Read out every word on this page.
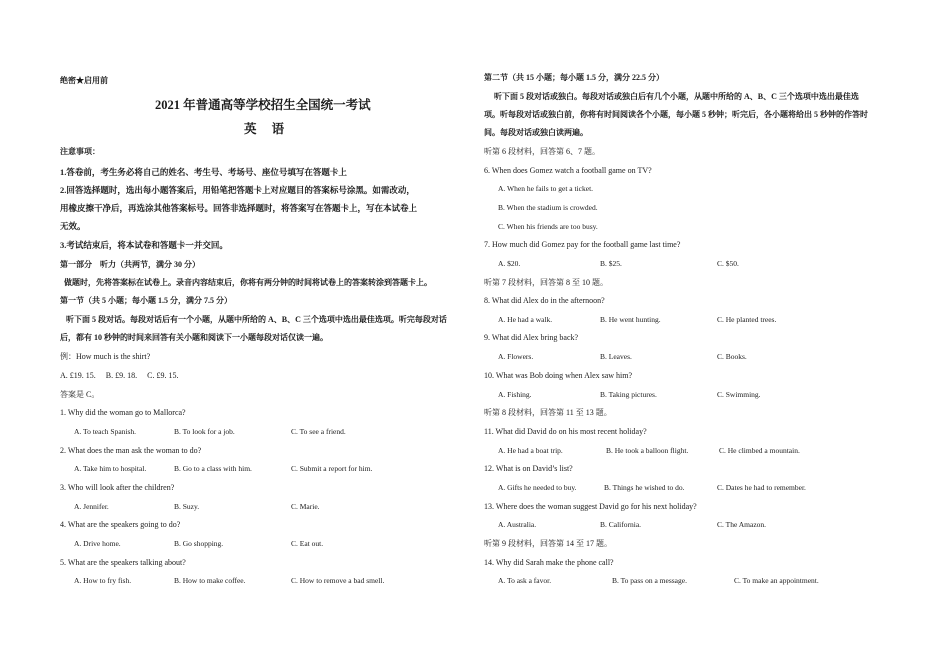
绝密★启用前
2021 年普通高等学校招生全国统一考试
英 语
注意事项：
1.答卷前，考生务必将自己的姓名、考生号、考场号、座位号填写在答题卡上
2.回答选择题时，选出每小题答案后，用铅笔把答题卡上对应题目的答案标号涂黑。如需改动，
用橡皮擦干净后，再选涂其他答案标号。回答非选择题时，将答案写在答题卡上，写在本试卷上
无效。
3.考试结束后，将本试卷和答题卡一并交回。
第一部分　听力（共两节，满分 30 分）
做题时，先将答案标在试卷上。录音内容结束后，你将有两分钟的时间将试卷上的答案转涂到答题卡上。
第一节（共 5 小题；每小题 1.5 分，满分 7.5 分）
听下面 5 段对话。每段对话后有一个小题，从题中所给的 A、B、C 三个选项中选出最佳选项。听完每段对话
后，都有 10 秒钟的时间来回答有关小题和阅读下一小题每段对话仅读一遍。
例：How much is the shirt?
A. £19. 15.　 B. £9. 18.　 C. £9. 15.
答案是 C。
1. Why did the woman go to Mallorca?
A. To teach Spanish.	B. To look for a job.	C. To see a friend.
2. What does the man ask the woman to do?
A. Take him to hospital.	B. Go to a class with him.	C. Submit a report for him.
3. Who will look after the children?
A. Jennifer.	B. Suzy.	C. Marie.
4. What are the speakers going to do?
A. Drive home.	B. Go shopping.	C. Eat out.
5. What are the speakers talking about?
A. How to fry fish.	B. How to make coffee.	C. How to remove a bad smell.
第二节（共 15 小题；每小题 1.5 分，满分 22.5 分）
听下面 5 段对话或独白。每段对话或独白后有几个小题，从题中所给的 A、B、C 三个选项中选出最佳选
项。听每段对话或独白前，你将有时间阅读各个小题，每小题 5 秒钟；听完后，各小题将给出 5 秒钟的作答时
间。每段对话或独白读两遍。
听第 6 段材料，回答第 6、7 题。
6. When does Gomez watch a football game on TV?
A. When he fails to get a ticket.
B. When the stadium is crowded.
C. When his friends are too busy.
7. How much did Gomez pay for the football game last time?
A. $20.	B. $25.	C. $50.
听第 7 段材料，回答第 8 至 10 题。
8. What did Alex do in the afternoon?
A. He had a walk.	B. He went hunting.	C. He planted trees.
9. What did Alex bring back?
A. Flowers.	B. Leaves.	C. Books.
10. What was Bob doing when Alex saw him?
A. Fishing.	B. Taking pictures.	C. Swimming.
听第 8 段材料，回答第 11 至 13 题。
11. What did David do on his most recent holiday?
A. He had a boat trip.	B. He took a balloon flight.	C. He climbed a mountain.
12. What is on David’s list?
A. Gifts he needed to buy.	B. Things he wished to do.	C. Dates he had to remember.
13. Where does the woman suggest David go for his next holiday?
A. Australia.	B. California.	C. The Amazon.
听第 9 段材料，回答第 14 至 17 题。
14. Why did Sarah make the phone call?
A. To ask a favor.	B. To pass on a message.	C. To make an appointment.
